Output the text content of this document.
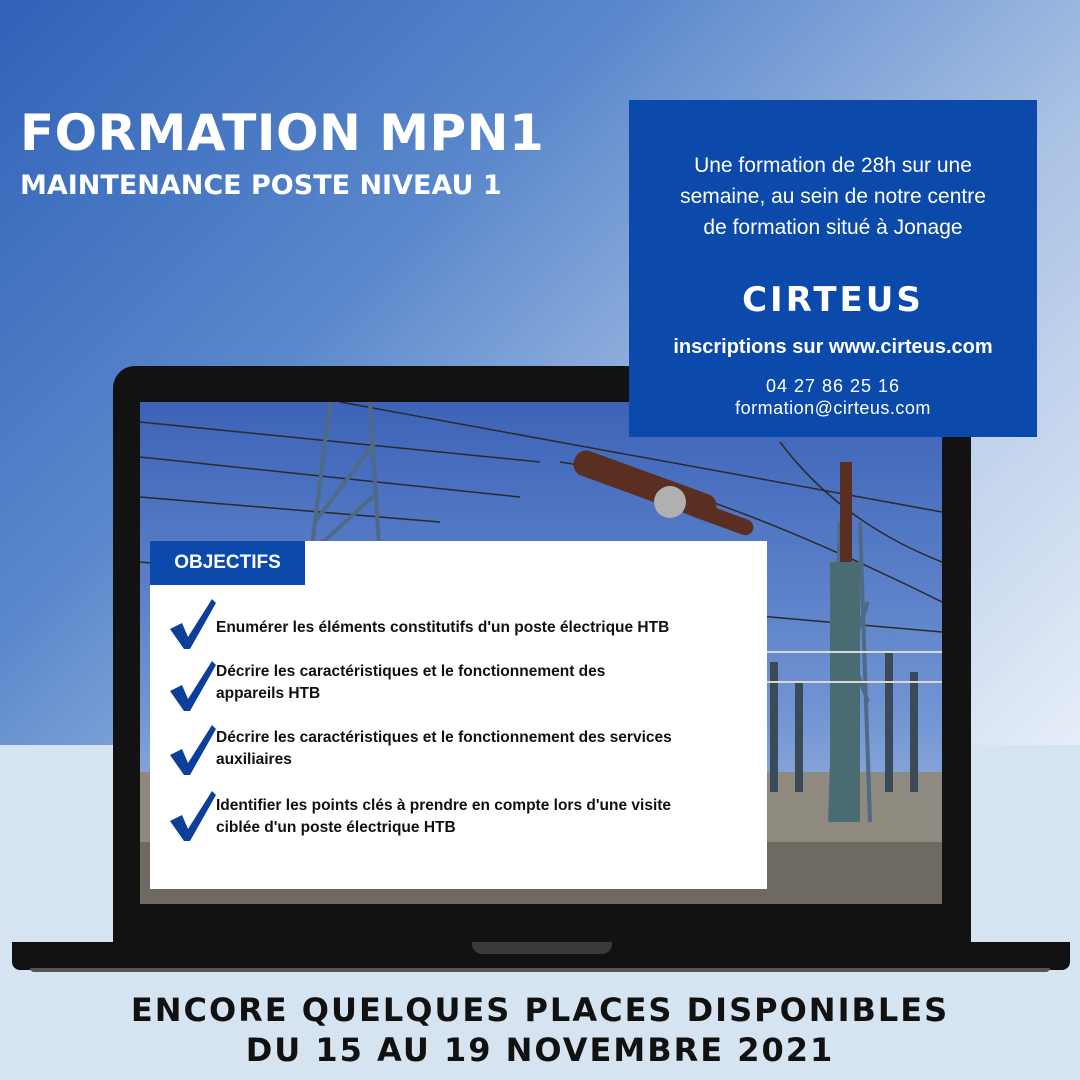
FORMATION MPN1
MAINTENANCE POSTE NIVEAU 1
Une formation de 28h sur une
semaine, au sein de notre centre
de formation situé à Jonage
CIRTEUS
inscriptions sur www.cirteus.com
04 27 86 25 16
formation@cirteus.com
OBJECTIFS
Enumérer les éléments constitutifs d'un poste électrique HTB
Décrire les caractéristiques et le fonctionnement des
appareils HTB
Décrire les caractéristiques et le fonctionnement des services
auxiliaires
Identifier les points clés à prendre en compte lors d'une visite
ciblée d'un poste électrique HTB
ENCORE QUELQUES PLACES DISPONIBLES
DU 15 AU 19 NOVEMBRE 2021
